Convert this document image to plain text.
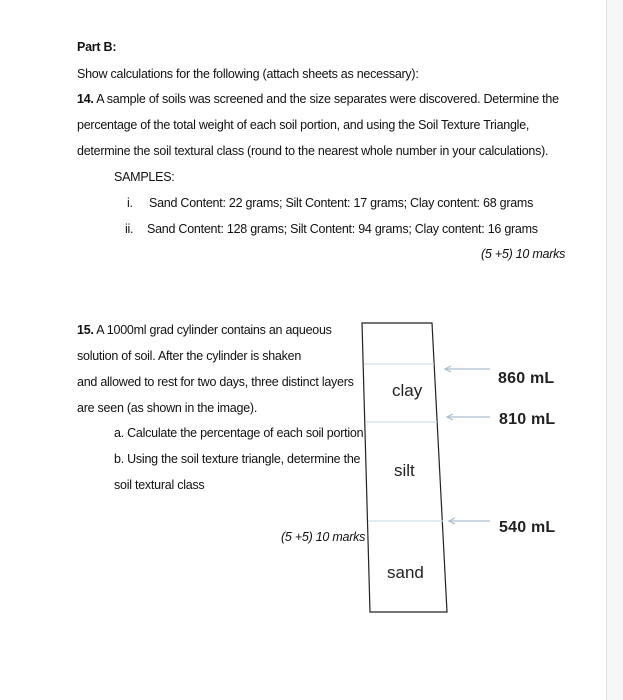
Part B:
Show calculations for the following (attach sheets as necessary):
14. A sample of soils was screened and the size separates were discovered. Determine the
percentage of the total weight of each soil portion, and using the Soil Texture Triangle,
determine the soil textural class (round to the nearest whole number in your calculations).
SAMPLES:
i. Sand Content: 22 grams; Silt Content: 17 grams; Clay content: 68 grams
ii. Sand Content: 128 grams; Silt Content: 94 grams; Clay content: 16 grams
(5 +5) 10 marks
15. A 1000ml grad cylinder contains an aqueous
solution of soil. After the cylinder is shaken
and allowed to rest for two days, three distinct layers
are seen (as shown in the image).
a. Calculate the percentage of each soil portion
b. Using the soil texture triangle, determine the
soil textural class
(5 +5) 10 marks
clay
silt
sand
860 mL
810 mL
540 mL
